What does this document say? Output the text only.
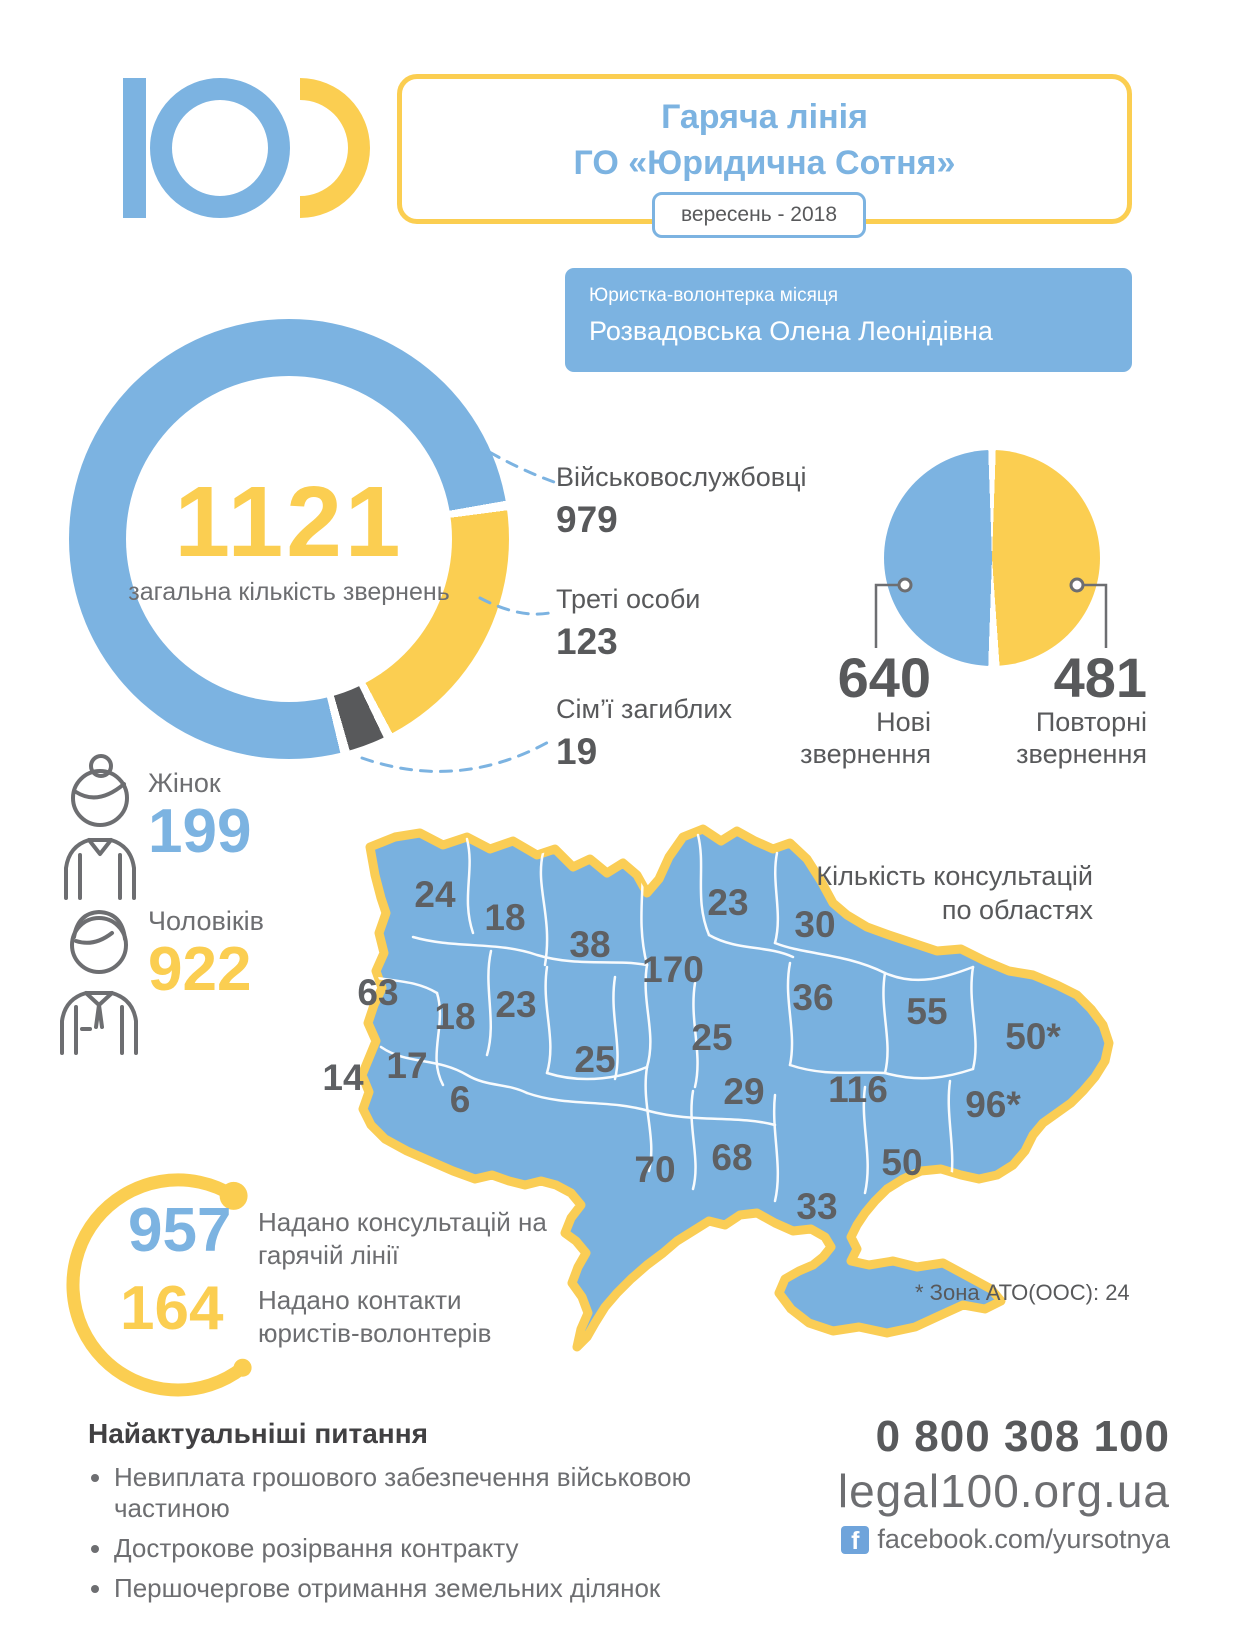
Гаряча лінія
ГО «Юридична Сотня»
вересень - 2018
Юристка-волонтерка місяця
Розвадовська Олена Леонідівна
1121
загальна кількість звернень
Військовослужбовці
979
Треті особи
123
Сім’ї загиблих
19
640
Нові
звернення
481
Повторні
звернення
Жінок
199
Чоловіків
922
24
18
38
23
30
170
63
18 23	36 55
50*
25
17	25
14
6	29 116 96*
70 68	50
33
Кількість консультацій
по областях
* Зона АТО(ООС): 24
957 Надано консультацій на гарячій лінії
164 Надано контакти юристів-волонтерів
Найактуальніші питання
• Невиплата грошового забезпечення військовою частиною
• Дострокове розірвання контракту
• Першочергове отримання земельних ділянок
0 800 308 100
legal100.org.ua
f facebook.com/yursotnya
